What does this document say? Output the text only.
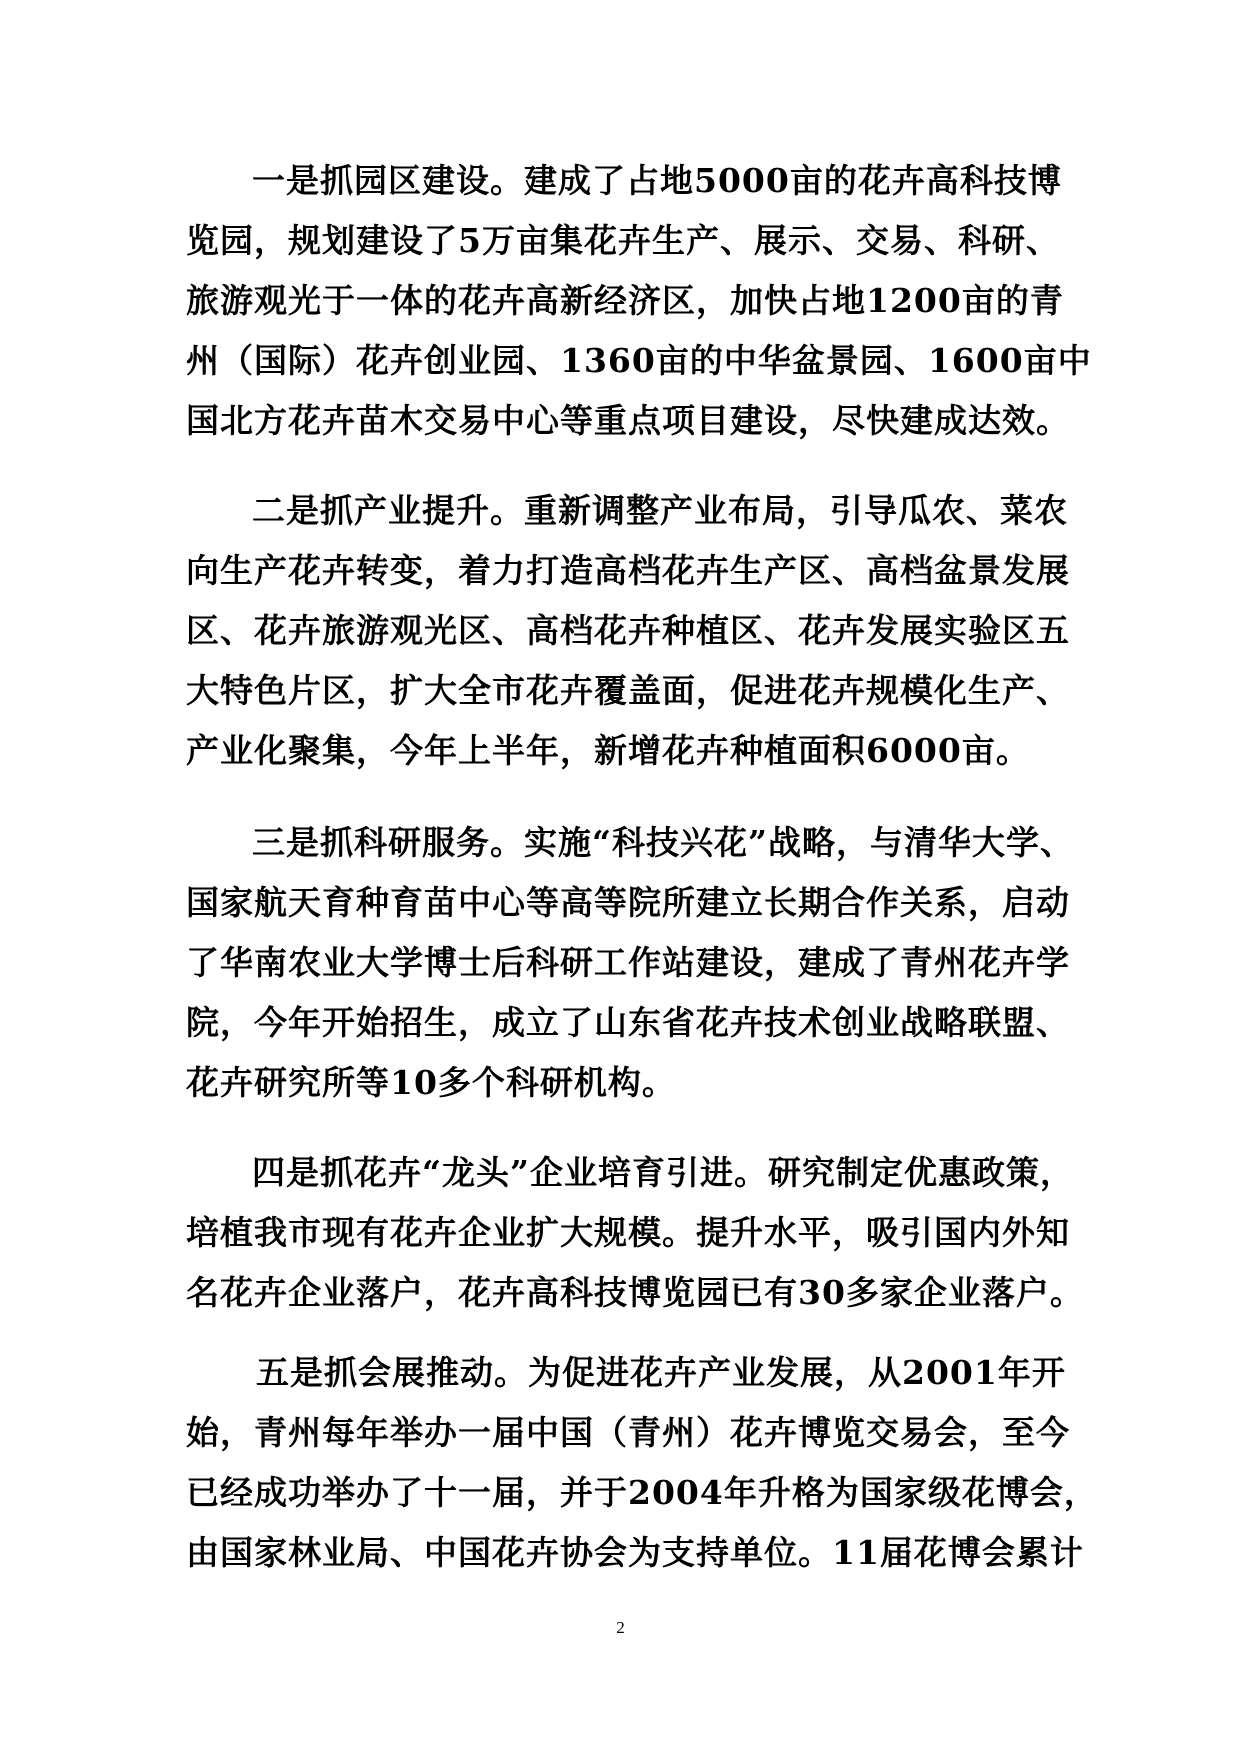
一是抓园区建设。建成了占地5000亩的花卉高科技博
览园，规划建设了5万亩集花卉生产、展示、交易、科研、
旅游观光于一体的花卉高新经济区，加快占地1200亩的青
州（国际）花卉创业园、1360亩的中华盆景园、1600亩中
国北方花卉苗木交易中心等重点项目建设，尽快建成达效。
二是抓产业提升。重新调整产业布局，引导瓜农、菜农
向生产花卉转变，着力打造高档花卉生产区、高档盆景发展
区、花卉旅游观光区、高档花卉种植区、花卉发展实验区五
大特色片区，扩大全市花卉覆盖面，促进花卉规模化生产、
产业化聚集，今年上半年，新增花卉种植面积6000亩。
三是抓科研服务。实施“科技兴花”战略，与清华大学、
国家航天育种育苗中心等高等院所建立长期合作关系，启动
了华南农业大学博士后科研工作站建设，建成了青州花卉学
院，今年开始招生，成立了山东省花卉技术创业战略联盟、
花卉研究所等10多个科研机构。
四是抓花卉“龙头”企业培育引进。研究制定优惠政策，
培植我市现有花卉企业扩大规模。提升水平，吸引国内外知
名花卉企业落户，花卉高科技博览园已有30多家企业落户。
五是抓会展推动。为促进花卉产业发展，从2001年开
始，青州每年举办一届中国（青州）花卉博览交易会，至今
已经成功举办了十一届，并于2004年升格为国家级花博会，
由国家林业局、中国花卉协会为支持单位。11届花博会累计
2
